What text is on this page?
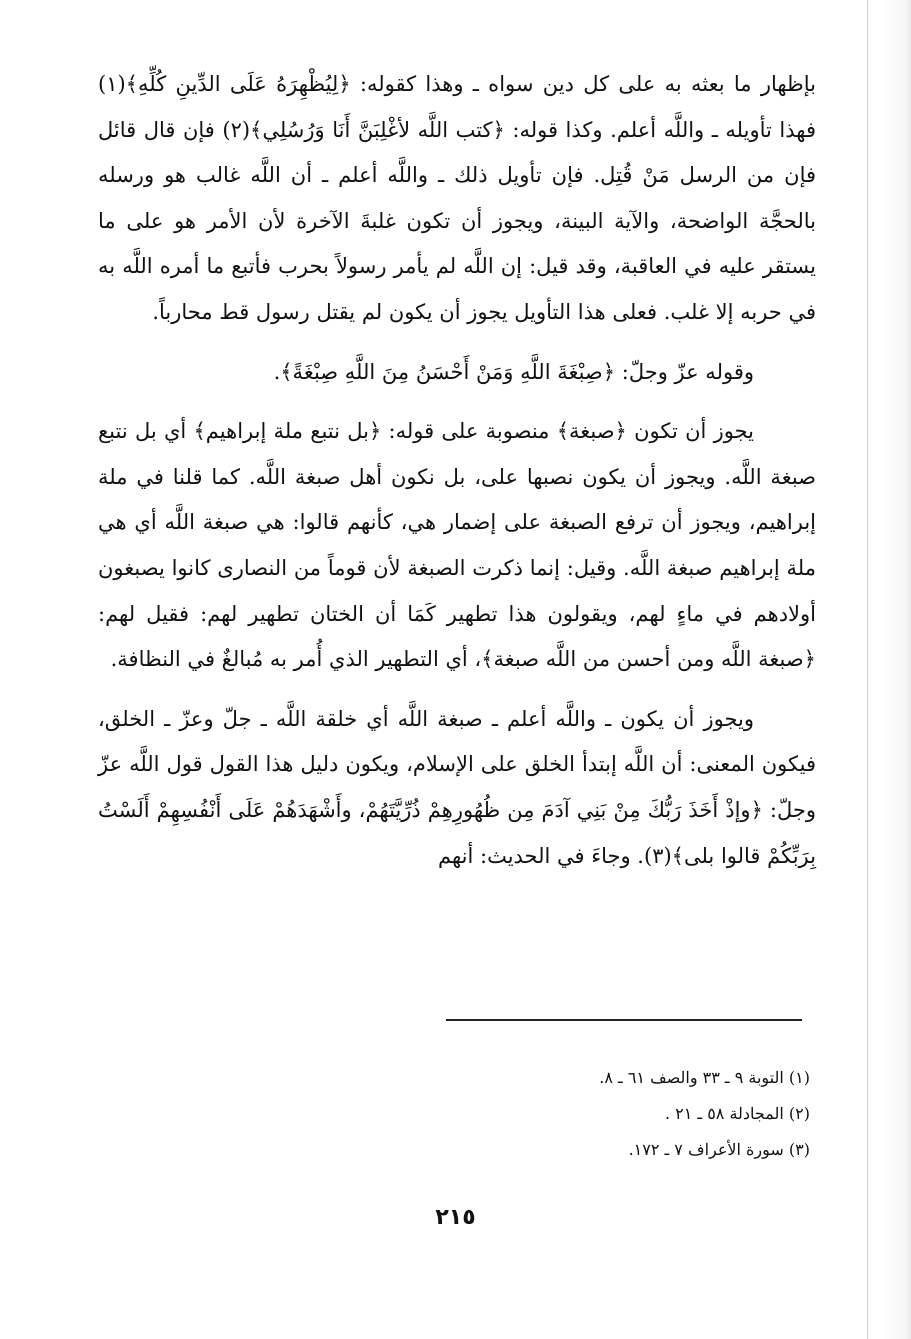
بإظهار ما بعثه به على كل دين سواه ـ وهذا كقوله: ﴿لِيُظْهِرَهُ عَلَى الدِّينِ كُلِّهِ﴾(١) فهذا تأويله ـ واللَّه أعلم. وكذا قوله: ﴿كتب اللَّه لأغْلِبَنَّ أَنَا وَرُسُلِي﴾(٢) فإن قال قائل فإن من الرسل مَنْ قُتِل. فإن تأويل ذلك ـ واللَّه أعلم ـ أن اللَّه غالب هو ورسله بالحجَّة الواضحة، والآية البينة، ويجوز أن تكون غلبةَ الآخرة لأن الأمر هو على ما يستقر عليه في العاقبة، وقد قيل: إن اللَّه لم يأمر رسولاً بحرب فأتبع ما أمره اللَّه به في حربه إلا غلب. فعلى هذا التأويل يجوز أن يكون لم يقتل رسول قط محارباً.

وقوله عزّ وجلّ: ﴿صِبْغَةَ اللَّهِ وَمَنْ أَحْسَنُ مِنَ اللَّهِ صِبْغَةً﴾.

يجوز أن تكون ﴿صبغة﴾ منصوبة على قوله: ﴿بل نتبع ملة إبراهيم﴾ أي بل نتبع صبغة اللَّه. ويجوز أن يكون نصبها على، بل نكون أهل صبغة اللَّه. كما قلنا في ملة إبراهيم، ويجوز أن ترفع الصبغة على إضمار هي، كأنهم قالوا: هي صبغة اللَّه أي هي ملة إبراهيم صبغة اللَّه. وقيل: إنما ذكرت الصبغة لأن قوماً من النصارى كانوا يصبغون أولادهم في ماءٍ لهم، ويقولون هذا تطهير كَمَا أن الختان تطهير لهم: فقيل لهم: ﴿صبغة اللَّه ومن أحسن من اللَّه صبغة﴾، أي التطهير الذي أُمر به مُبالغٌ في النظافة.

ويجوز أن يكون ـ واللَّه أعلم ـ صبغة اللَّه أي خلقة اللَّه ـ جلّ وعزّ ـ الخلق، فيكون المعنى: أن اللَّه إبتدأ الخلق على الإسلام، ويكون دليل هذا القول قول اللَّه عزّ وجلّ: ﴿وإذْ أَخَذَ رَبُّكَ مِنْ بَنِي آدَمَ مِن ظُهُورِهِمْ ذُرِّيَّتَهُمْ، وأَشْهَدَهُمْ عَلَى أَنْفُسِهِمْ أَلَسْتُ بِرَبِّكُمْ قالوا بلى﴾(٣). وجاءَ في الحديث: أنهم

(١) التوبة ٩ ـ ٣٣ والصف ٦١ ـ ٨.

(٢) المجادلة ٥٨ ـ ٢١ .

(٣) سورة الأعراف ٧ ـ ١٧٢.

٢١٥
